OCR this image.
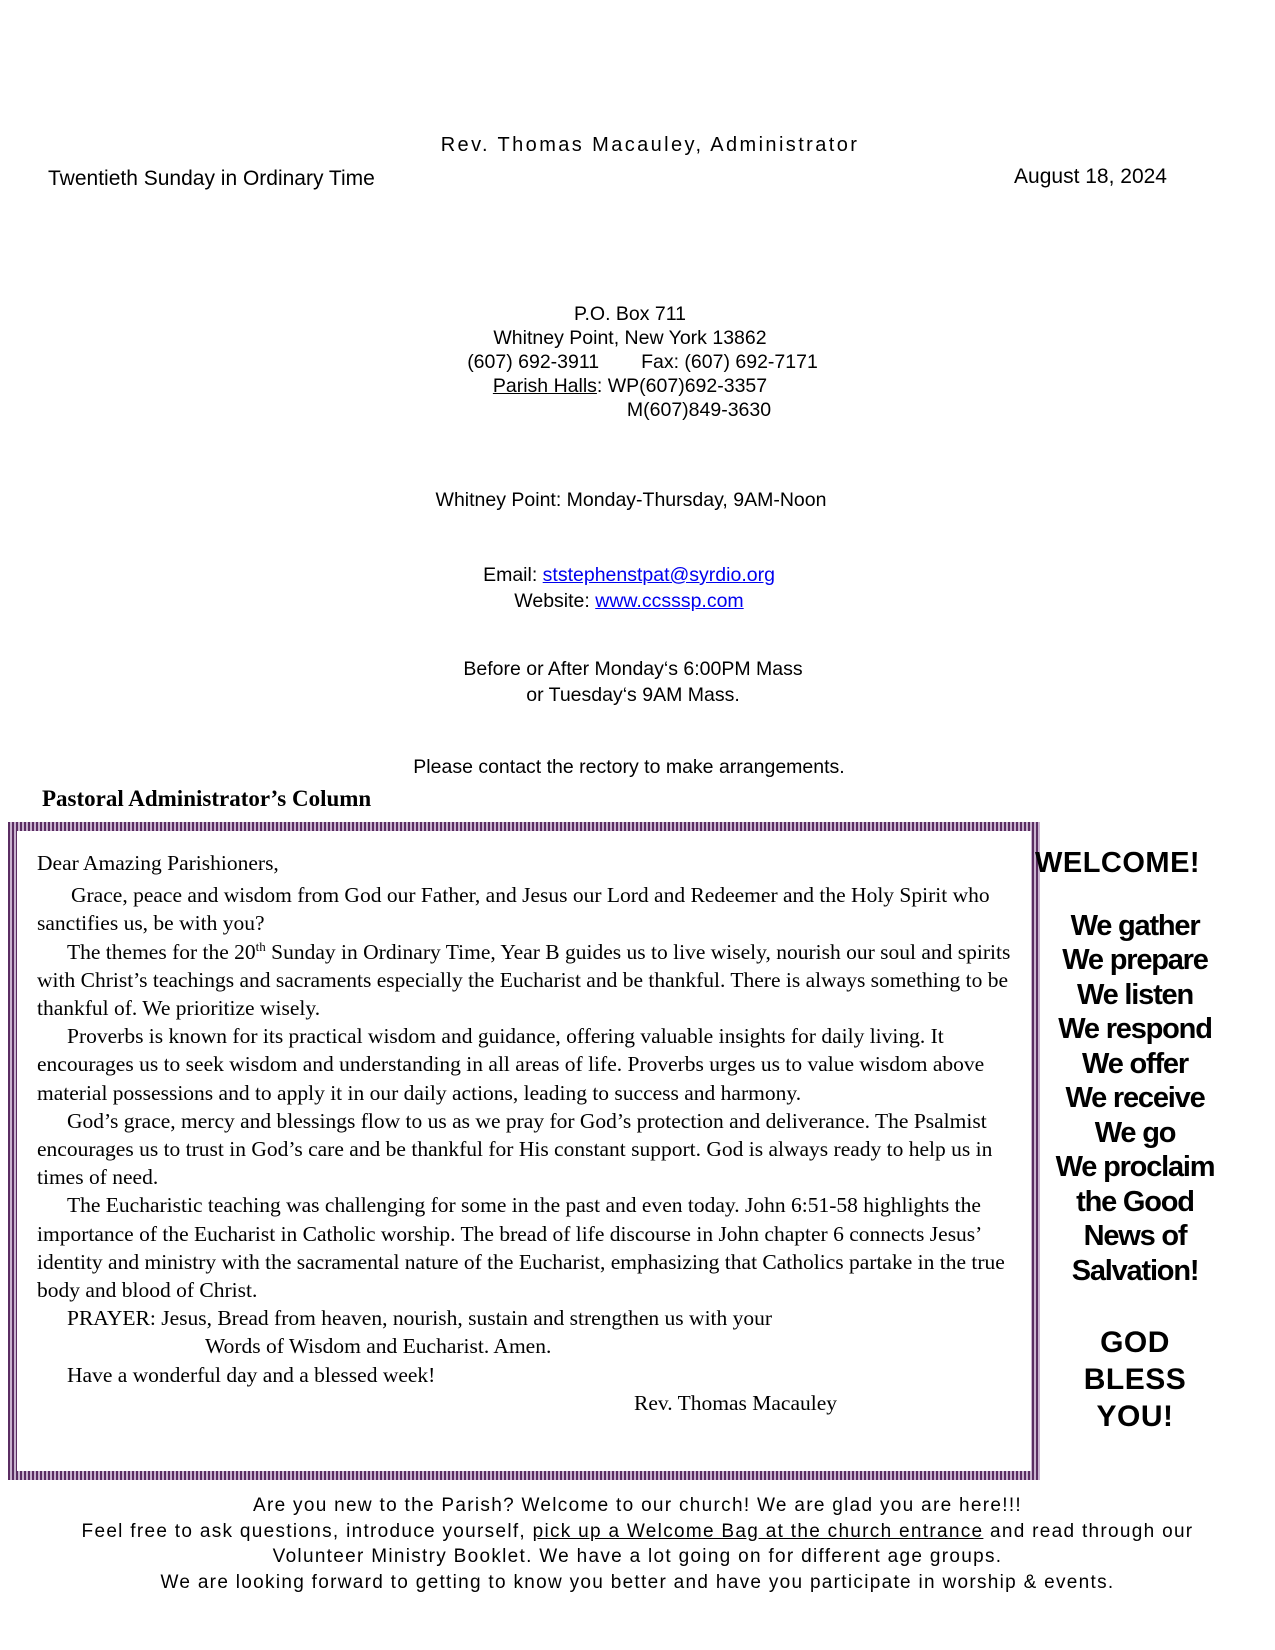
Rev. Thomas Macauley, Administrator
Twentieth Sunday in Ordinary Time	August 18, 2024
P.O. Box 711
Whitney Point, New York 13862
(607) 692-3911 Fax: (607) 692-7171
Parish Halls: WP(607)692-3357
M(607)849-3630
Whitney Point: Monday-Thursday, 9AM-Noon
Email: ststephenstpat@syrdio.org
Website: www.ccsssp.com
Before or After Monday‘s 6:00PM Mass
or Tuesday‘s 9AM Mass.
Please contact the rectory to make arrangements.
Pastoral Administrator’s Column

Dear Amazing Parishioners,

Grace, peace and wisdom from God our Father, and Jesus our Lord and Redeemer and the Holy Spirit who sanctifies us, be with you?

The themes for the 20th Sunday in Ordinary Time, Year B guides us to live wisely, nourish our soul and spirits with Christ’s teachings and sacraments especially the Eucharist and be thankful. There is always something to be thankful of. We prioritize wisely.

Proverbs is known for its practical wisdom and guidance, offering valuable insights for daily living. It encourages us to seek wisdom and understanding in all areas of life. Proverbs urges us to value wisdom above material possessions and to apply it in our daily actions, leading to success and harmony.

God’s grace, mercy and blessings flow to us as we pray for God’s protection and deliverance. The Psalmist encourages us to trust in God’s care and be thankful for His constant support. God is always ready to help us in times of need.

The Eucharistic teaching was challenging for some in the past and even today. John 6:51-58 highlights the importance of the Eucharist in Catholic worship. The bread of life discourse in John chapter 6 connects Jesus’ identity and ministry with the sacramental nature of the Eucharist, emphasizing that Catholics partake in the true body and blood of Christ.

PRAYER: Jesus, Bread from heaven, nourish, sustain and strengthen us with your

Words of Wisdom and Eucharist. Amen.

Have a wonderful day and a blessed week!

Rev. Thomas Macauley

WELCOME!
We gather
We prepare
We listen
We respond
We offer
We receive
We go
We proclaim
the Good
News of
Salvation!
GOD
BLESS
YOU!
Are you new to the Parish? Welcome to our church! We are glad you are here!!!
Feel free to ask questions, introduce yourself, pick up a Welcome Bag at the church entrance and read through our
Volunteer Ministry Booklet. We have a lot going on for different age groups.
We are looking forward to getting to know you better and have you participate in worship & events.
